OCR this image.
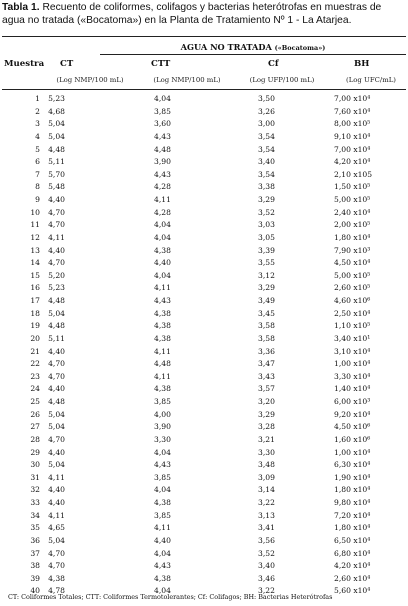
Tabla 1. Recuento de coliformes, colifagos y bacterias heterótrofas en muestras de agua no tratada («Bocatoma») en la Planta de Tratamiento Nº 1 - La Atarjea.
AGUA NO TRATADA («Bocatoma»)
Muestra CT	CTT	Cf	BH
(Log NMP/100 mL)	(Log NMP/100 mL)	(Log UFP/100 mL)	(Log UFC/mL)
1	5,23	4,04	3,50	7,00 x10⁴
2	4,68	3,85	3,26	7,60 x10⁴
3	5,04	3,60	3,00	8,00 x10⁵
4	5,04	4,43	3,54	9,10 x10⁴
5	4,48	4,48	3,54	7,00 x10⁴
6	5,11	3,90	3,40	4,20 x10⁴
7	5,70	4,43	3,54	2,10 x105
8	5,48	4,28	3,38	1,50 x10⁵
9	4,40	4,11	3,29	5,00 x10⁵
10	4,70	4,28	3,52	2,40 x10⁴
11	4,70	4,04	3,03	2,00 x10⁵
12	4,11	4,04	3,05	1,80 x10⁴
13	4,40	4,38	3,39	7,90 x10³
14	4,70	4,40	3,55	4,50 x10⁴
15	5,20	4,04	3,12	5,00 x10⁵
16	5,23	4,11	3,29	2,60 x10⁵
17	4,48	4,43	3,49	4,60 x10⁶
18	5,04	4,38	3,45	2,50 x10⁴
19	4,48	4,38	3,58	1,10 x10⁵
20	5,11	4,38	3,58	3,40 x10¹
21	4,40	4,11	3,36	3,10 x10⁴
22	4,70	4,48	3,47	1,00 x10⁴
23	4,70	4,11	3,43	3,30 x10⁴
24	4,40	4,38	3,57	1,40 x10⁴
25	4,48	3,85	3,20	6,00 x10³
26	5,04	4,00	3,29	9,20 x10⁴
27	5,04	3,90	3,28	4,50 x10⁶
28	4,70	3,30	3,21	1,60 x10⁶
29	4,40	4,04	3,30	1,00 x10⁴
30	5,04	4,43	3,48	6,30 x10⁴
31	4,11	3,85	3,09	1,90 x10⁴
32	4,40	4,04	3,14	1,80 x10⁴
33	4,40	4,38	3,22	9,80 x10⁴
34	4,11	3,85	3,13	7,20 x10⁴
35	4,65	4,11	3,41	1,80 x10⁴
36	5,04	4,40	3,56	6,50 x10⁴
37	4,70	4,04	3,52	6,80 x10⁴
38	4,70	4,43	3,40	4,20 x10⁴
39	4,38	4,38	3,46	2,60 x10⁴
40	4,78	4,04	3,22	5,60 x10⁴
CT: Coliformes Totales; CTT: Coliformes Termotolerantes; Cf: Colifagos; BH: Bacterias Heterótrofas
